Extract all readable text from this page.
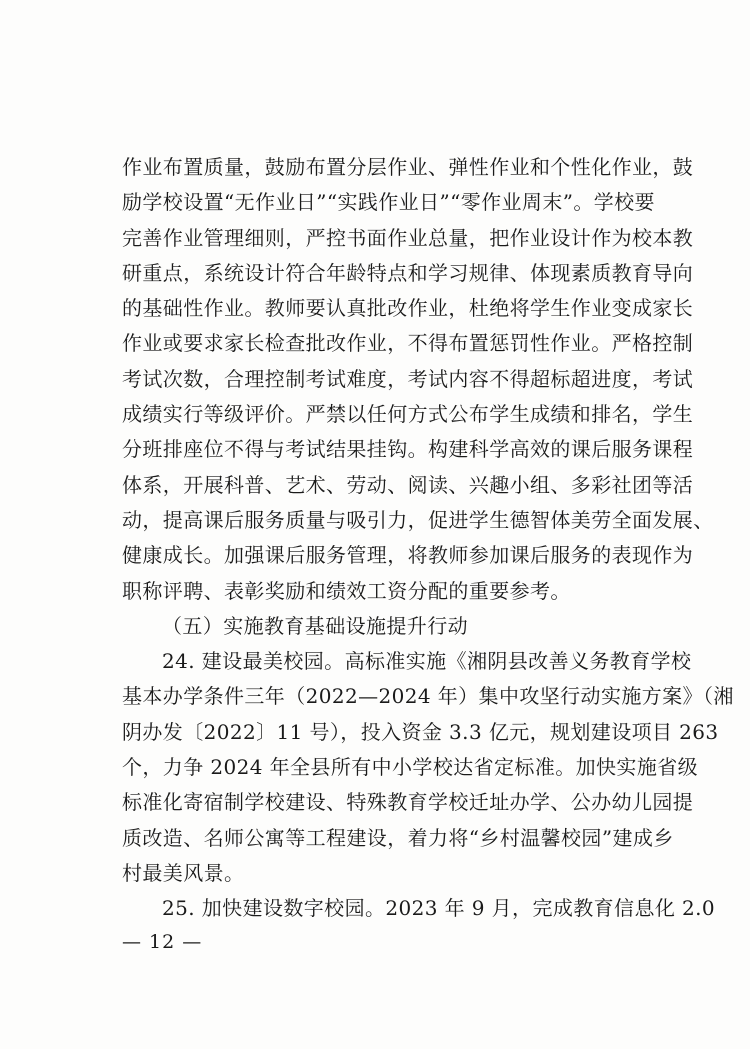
作业布置质量，鼓励布置分层作业、弹性作业和个性化作业，鼓
励学校设置“无作业日”“实践作业日”“零作业周末”。学校要
完善作业管理细则，严控书面作业总量，把作业设计作为校本教
研重点，系统设计符合年龄特点和学习规律、体现素质教育导向
的基础性作业。教师要认真批改作业，杜绝将学生作业变成家长
作业或要求家长检查批改作业，不得布置惩罚性作业。严格控制
考试次数，合理控制考试难度，考试内容不得超标超进度，考试
成绩实行等级评价。严禁以任何方式公布学生成绩和排名，学生
分班排座位不得与考试结果挂钩。构建科学高效的课后服务课程
体系，开展科普、艺术、劳动、阅读、兴趣小组、多彩社团等活
动，提高课后服务质量与吸引力，促进学生德智体美劳全面发展、
健康成长。加强课后服务管理，将教师参加课后服务的表现作为
职称评聘、表彰奖励和绩效工资分配的重要参考。
（五）实施教育基础设施提升行动
24. 建设最美校园。高标准实施《湘阴县改善义务教育学校
基本办学条件三年（2022—2024 年）集中攻坚行动实施方案》（湘
阴办发〔2022〕11 号），投入资金 3.3 亿元，规划建设项目 263
个，力争 2024 年全县所有中小学校达省定标准。加快实施省级
标准化寄宿制学校建设、特殊教育学校迁址办学、公办幼儿园提
质改造、名师公寓等工程建设，着力将“乡村温馨校园”建成乡
村最美风景。
25. 加快建设数字校园。2023 年 9 月，完成教育信息化 2.0
— 12 —
